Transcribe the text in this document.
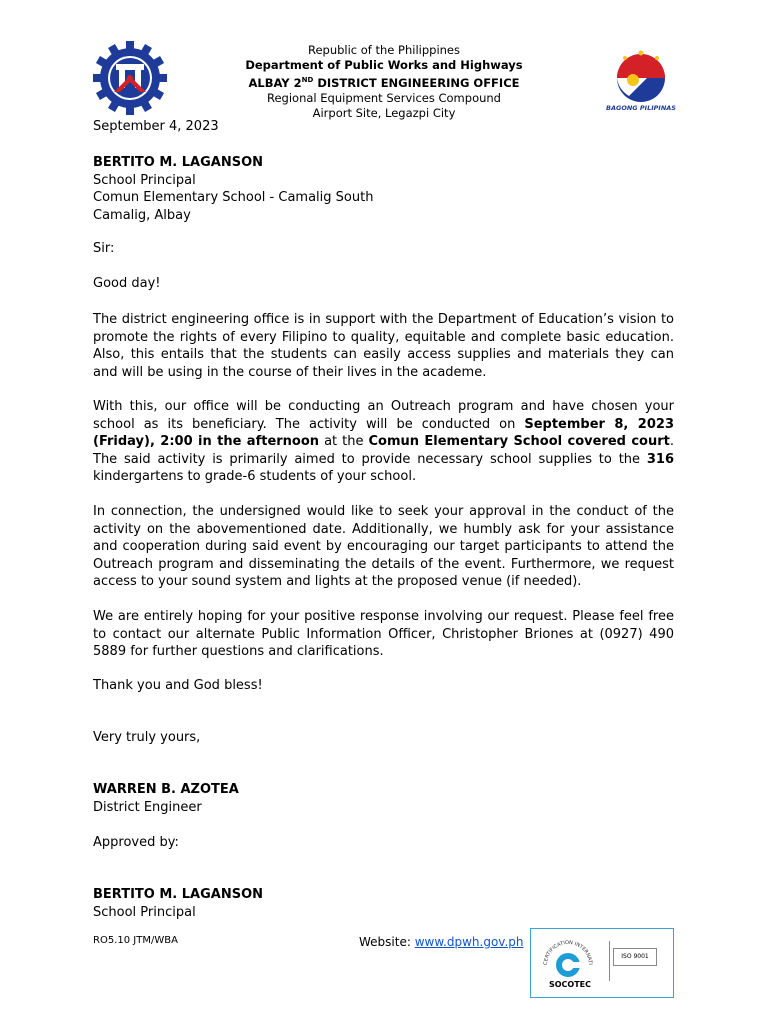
Republic of the Philippines
Department of Public Works and Highways
ALBAY 2ND DISTRICT ENGINEERING OFFICE
Regional Equipment Services Compound
Airport Site, Legazpi City	BAGONG PILIPINAS
September 4, 2023
BERTITO M. LAGANSON
School Principal
Comun Elementary School - Camalig South
Camalig, Albay
Sir:
Good day!
The district engineering office is in support with the Department of Education’s vision to promote the rights of every Filipino to quality, equitable and complete basic education. Also, this entails that the students can easily access supplies and materials they can and will be using in the course of their lives in the academe.
With this, our office will be conducting an Outreach program and have chosen your school as its beneficiary. The activity will be conducted on September 8, 2023 (Friday), 2:00 in the afternoon at the Comun Elementary School covered court. The said activity is primarily aimed to provide necessary school supplies to the 316 kindergartens to grade-6 students of your school.
In connection, the undersigned would like to seek your approval in the conduct of the activity on the abovementioned date. Additionally, we humbly ask for your assistance and cooperation during said event by encouraging our target participants to attend the Outreach program and disseminating the details of the event. Furthermore, we request access to your sound system and lights at the proposed venue (if needed).
We are entirely hoping for your positive response involving our request. Please feel free to contact our alternate Public Information Officer, Christopher Briones at (0927) 490 5889 for further questions and clarifications.
Thank you and God bless!
Very truly yours,
WARREN B. AZOTEA
District Engineer
Approved by:
BERTITO M. LAGANSON
School Principal
RO5.10 JTM/WBA	Website: www.dpwh.gov.ph
CERTIFICATION INTERNATI
SOCOTEC
ISO 9001
